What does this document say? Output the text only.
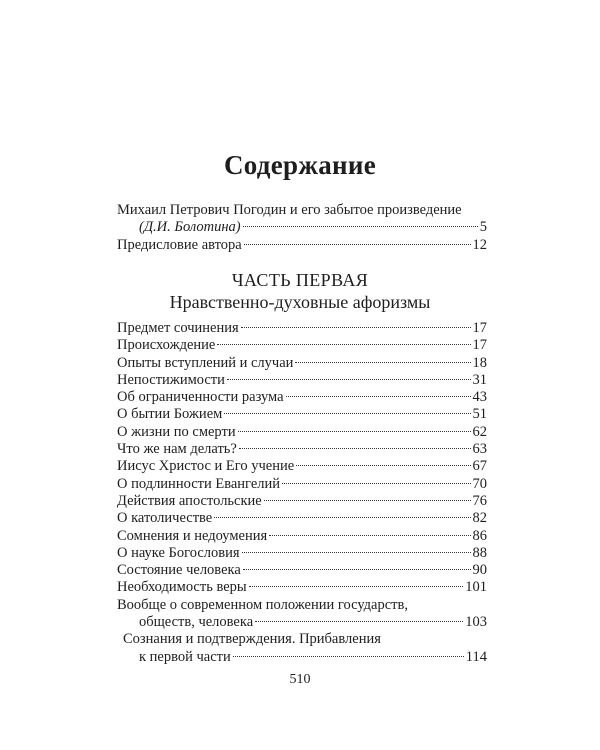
Содержание
Михаил Петрович Погодин и его забытое произведение
(Д.И. Болотина)	5
Предисловие автора	12
ЧАСТЬ ПЕРВАЯ
Нравственно-духовные афоризмы
Предмет сочинения	17
Происхождение	17
Опыты вступлений и случаи	18
Непостижимости	31
Об ограниченности разума	43
О бытии Божием	51
О жизни по смерти	62
Что же нам делать?	63
Иисус Христос и Его учение	67
О подлинности Евангелий	70
Действия апостольские	76
О католичестве	82
Сомнения и недоумения	86
О науке Богословия	88
Состояние человека	90
Необходимость веры	101
Вообще о современном положении государств,
обществ, человека	103
Сознания и подтверждения. Прибавления
к первой части	114
510
